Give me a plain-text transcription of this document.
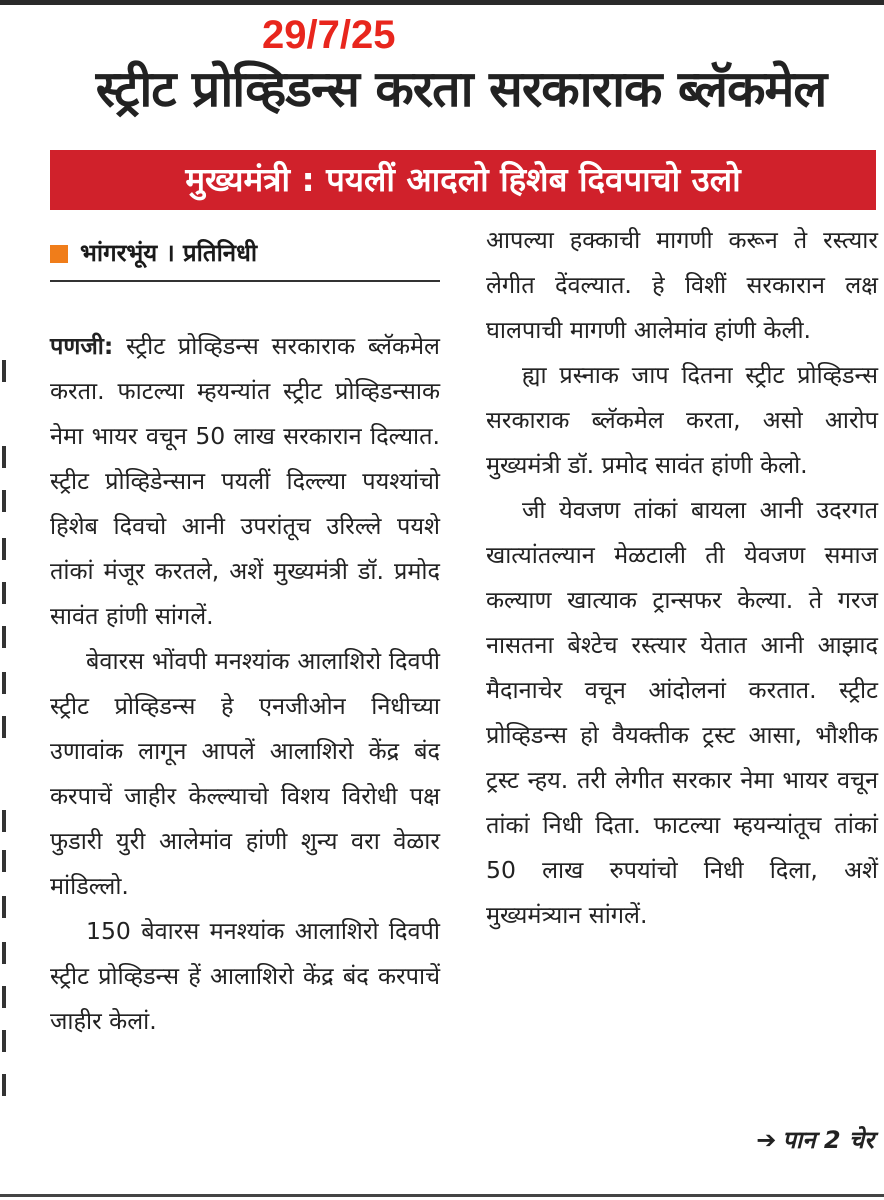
29/7/25
स्ट्रीट प्रोव्हिडन्स करता सरकाराक ब्लॅकमेल
मुख्यमंत्री : पयलीं आदलो हिशेब दिवपाचो उलो
भांगरभूंय । प्रतिनिधी

पणजी: स्ट्रीट प्रोव्हिडन्स सरकाराक ब्लॅकमेल करता. फाटल्या म्हयन्यांत स्ट्रीट प्रोव्हिडन्साक नेमा भायर वचून 50 लाख सरकारान दिल्यात. स्ट्रीट प्रोव्हिडेन्सान पयलीं दिल्ल्या पयश्यांचो हिशेब दिवचो आनी उपरांतूच उरिल्ले पयशे तांकां मंजूर करतले, अशें मुख्यमंत्री डॉ. प्रमोद सावंत हांणी सांगलें.

बेवारस भोंवपी मनश्यांक आलाशिरो दिवपी स्ट्रीट प्रोव्हिडन्स हे एनजीओन निधीच्या उणावांक लागून आपलें आलाशिरो केंद्र बंद करपाचें जाहीर केल्ल्याचो विशय विरोधी पक्ष फुडारी युरी आलेमांव हांणी शुन्य वरा वेळार मांडिल्लो.

150 बेवारस मनश्यांक आलाशिरो दिवपी स्ट्रीट प्रोव्हिडन्स हें आलाशिरो केंद्र बंद करपाचें जाहीर केलां.

आपल्या हक्काची मागणी करून ते रस्त्यार लेगीत देंवल्यात. हे विशीं सरकारान लक्ष घालपाची मागणी आलेमांव हांणी केली.

ह्या प्रस्नाक जाप दितना स्ट्रीट प्रोव्हिडन्स सरकाराक ब्लॅकमेल करता, असो आरोप मुख्यमंत्री डॉ. प्रमोद सावंत हांणी केलो.

जी येवजण तांकां बायला आनी उदरगत खात्यांतल्यान मेळटाली ती येवजण समाज कल्याण खात्याक ट्रान्सफर केल्या. ते गरज नासतना बेश्टेच रस्त्यार येतात आनी आझाद मैदानाचेर वचून आंदोलनां करतात. स्ट्रीट प्रोव्हिडन्स हो वैयक्तीक ट्रस्ट आसा, भौशीक ट्रस्ट न्हय. तरी लेगीत सरकार नेमा भायर वचून तांकां निधी दिता. फाटल्या म्हयन्यांतूच तांकां 50 लाख रुपयांचो निधी दिला, अशें मुख्यमंत्र्यान सांगलें.

➔ पान 2 चेर
